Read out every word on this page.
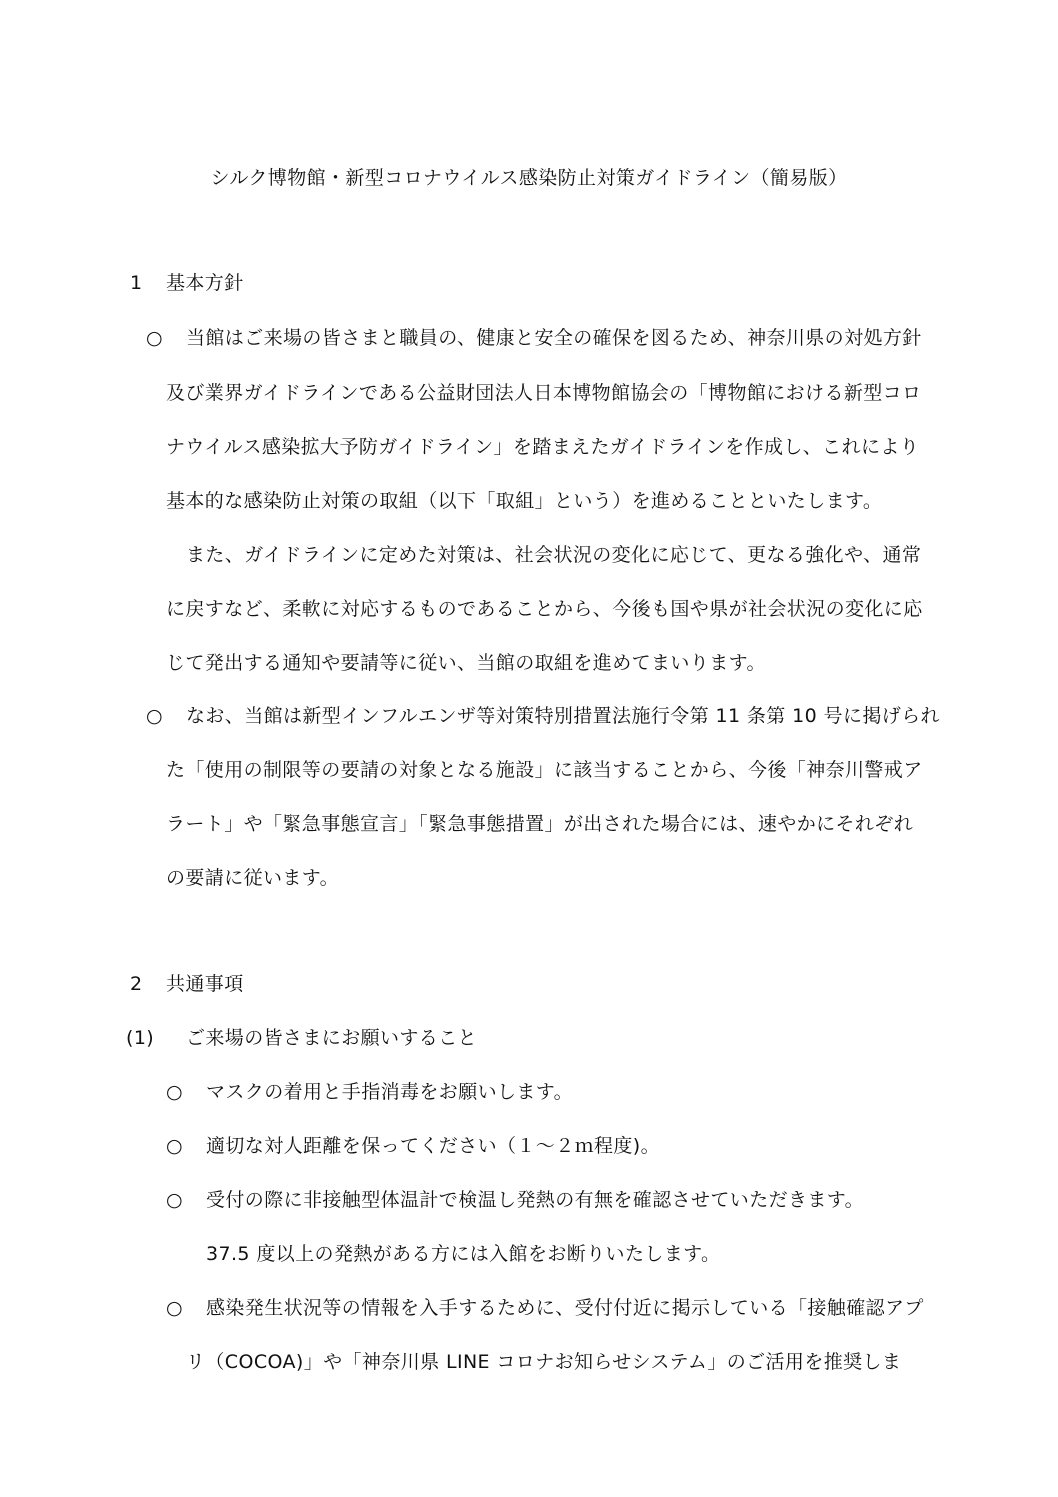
シルク博物館・新型コロナウイルス感染防止対策ガイドライン（簡易版）
1 基本方針
○ 当館はご来場の皆さまと職員の、健康と安全の確保を図るため、神奈川県の対処方針
及び業界ガイドラインである公益財団法人日本博物館協会の「博物館における新型コロ
ナウイルス感染拡大予防ガイドライン」を踏まえたガイドラインを作成し、これにより
基本的な感染防止対策の取組（以下「取組」という）を進めることといたします。
また、ガイドラインに定めた対策は、社会状況の変化に応じて、更なる強化や、通常
に戻すなど、柔軟に対応するものであることから、今後も国や県が社会状況の変化に応
じて発出する通知や要請等に従い、当館の取組を進めてまいります。
○ なお、当館は新型インフルエンザ等対策特別措置法施行令第 11 条第 10 号に掲げられ
た「使用の制限等の要請の対象となる施設」に該当することから、今後「神奈川警戒ア
ラート」や「緊急事態宣言」「緊急事態措置」が出された場合には、速やかにそれぞれ
の要請に従います。
2 共通事項
(1) ご来場の皆さまにお願いすること
○ マスクの着用と手指消毒をお願いします。
○ 適切な対人距離を保ってください（１～２ｍ程度)。
○ 受付の際に非接触型体温計で検温し発熱の有無を確認させていただきます。
37.5 度以上の発熱がある方には入館をお断りいたします。
○ 感染発生状況等の情報を入手するために、受付付近に掲示している「接触確認アプ
リ（COCOA)」や「神奈川県 LINE コロナお知らせシステム」のご活用を推奨しま
